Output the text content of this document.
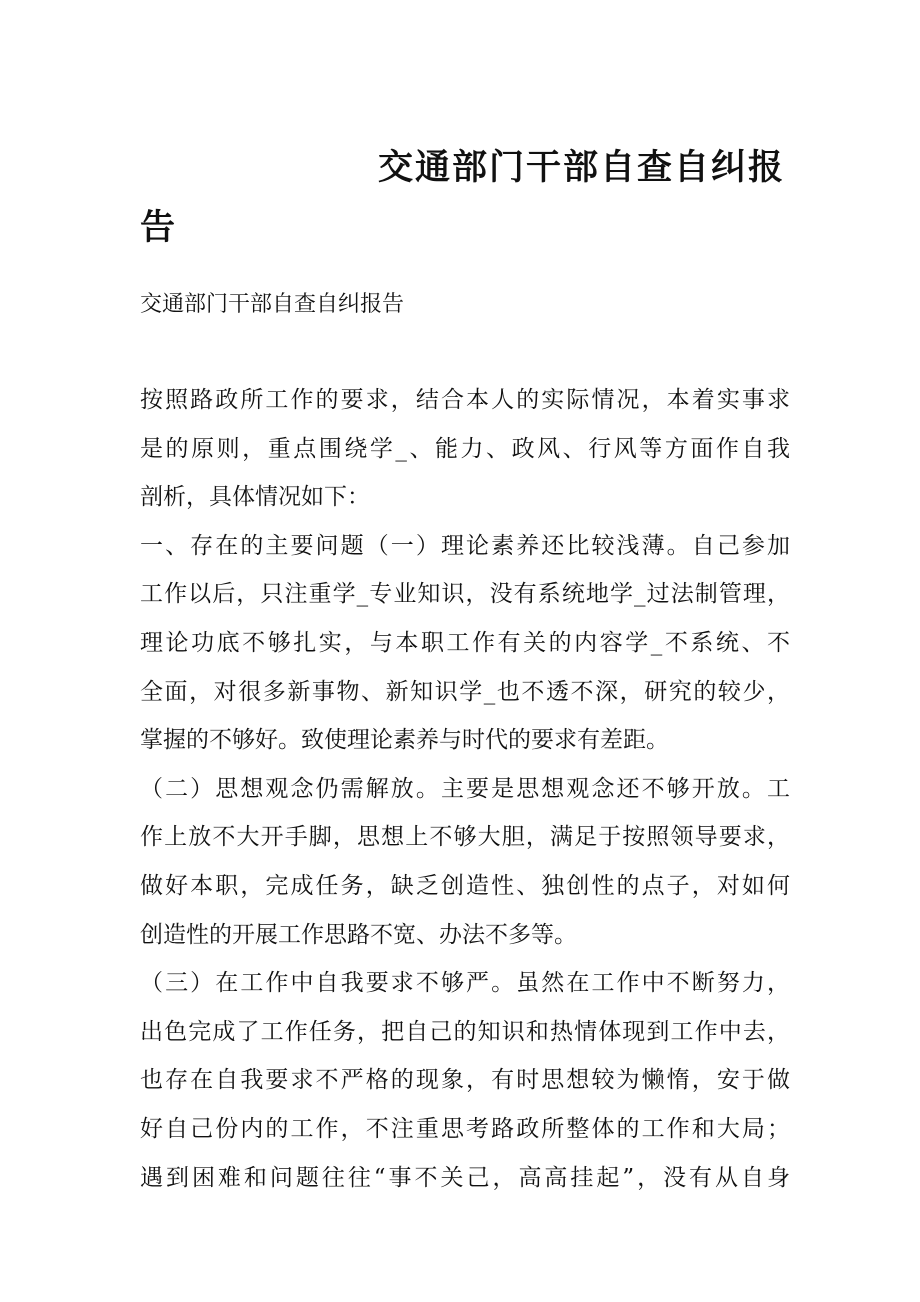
交通部门干部自查自纠报
告
交通部门干部自查自纠报告
按照路政所工作的要求，结合本人的实际情况，本着实事求
是的原则，重点围绕学_、能力、政风、行风等方面作自我
剖析，具体情况如下：
一、存在的主要问题（一）理论素养还比较浅薄。自己参加
工作以后，只注重学_专业知识，没有系统地学_过法制管理，
理论功底不够扎实，与本职工作有关的内容学_不系统、不
全面，对很多新事物、新知识学_也不透不深，研究的较少，
掌握的不够好。致使理论素养与时代的要求有差距。
（二）思想观念仍需解放。主要是思想观念还不够开放。工
作上放不大开手脚，思想上不够大胆，满足于按照领导要求，
做好本职，完成任务，缺乏创造性、独创性的点子，对如何
创造性的开展工作思路不宽、办法不多等。
（三）在工作中自我要求不够严。虽然在工作中不断努力，
出色完成了工作任务，把自己的知识和热情体现到工作中去，
也存在自我要求不严格的现象，有时思想较为懒惰，安于做
好自己份内的工作，不注重思考路政所整体的工作和大局；
遇到困难和问题往往“事不关己，高高挂起”，没有从自身
